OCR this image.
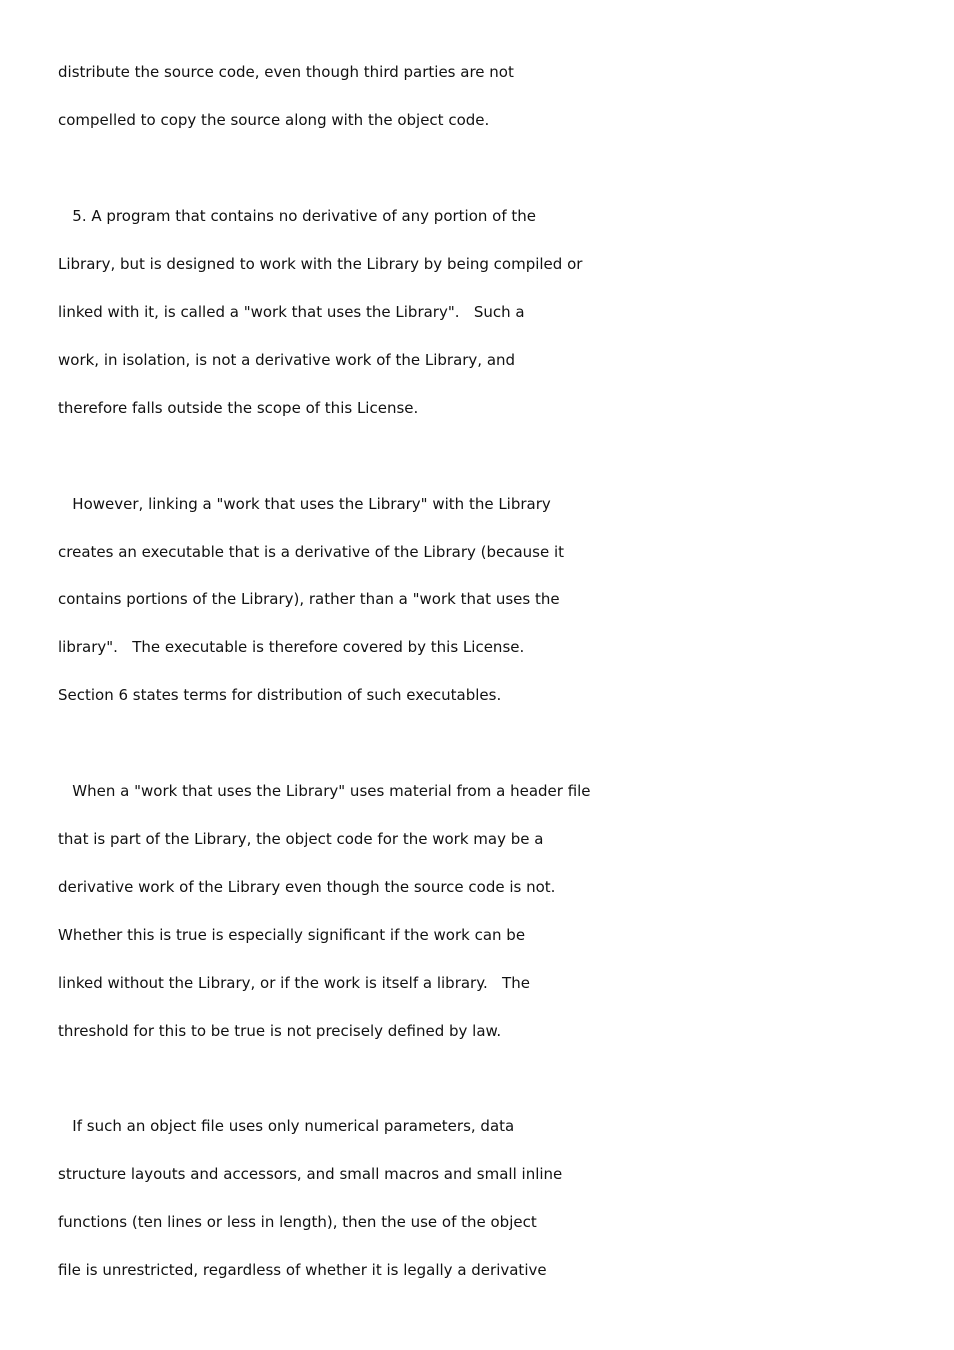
distribute the source code, even though third parties are not
compelled to copy the source along with the object code.
5. A program that contains no derivative of any portion of the
Library, but is designed to work with the Library by being compiled or
linked with it, is called a "work that uses the Library".   Such a
work, in isolation, is not a derivative work of the Library, and
therefore falls outside the scope of this License.
However, linking a "work that uses the Library" with the Library
creates an executable that is a derivative of the Library (because it
contains portions of the Library), rather than a "work that uses the
library".   The executable is therefore covered by this License.
Section 6 states terms for distribution of such executables.
When a "work that uses the Library" uses material from a header file
that is part of the Library, the object code for the work may be a
derivative work of the Library even though the source code is not.
Whether this is true is especially significant if the work can be
linked without the Library, or if the work is itself a library.   The
threshold for this to be true is not precisely defined by law.
If such an object file uses only numerical parameters, data
structure layouts and accessors, and small macros and small inline
functions (ten lines or less in length), then the use of the object
file is unrestricted, regardless of whether it is legally a derivative
